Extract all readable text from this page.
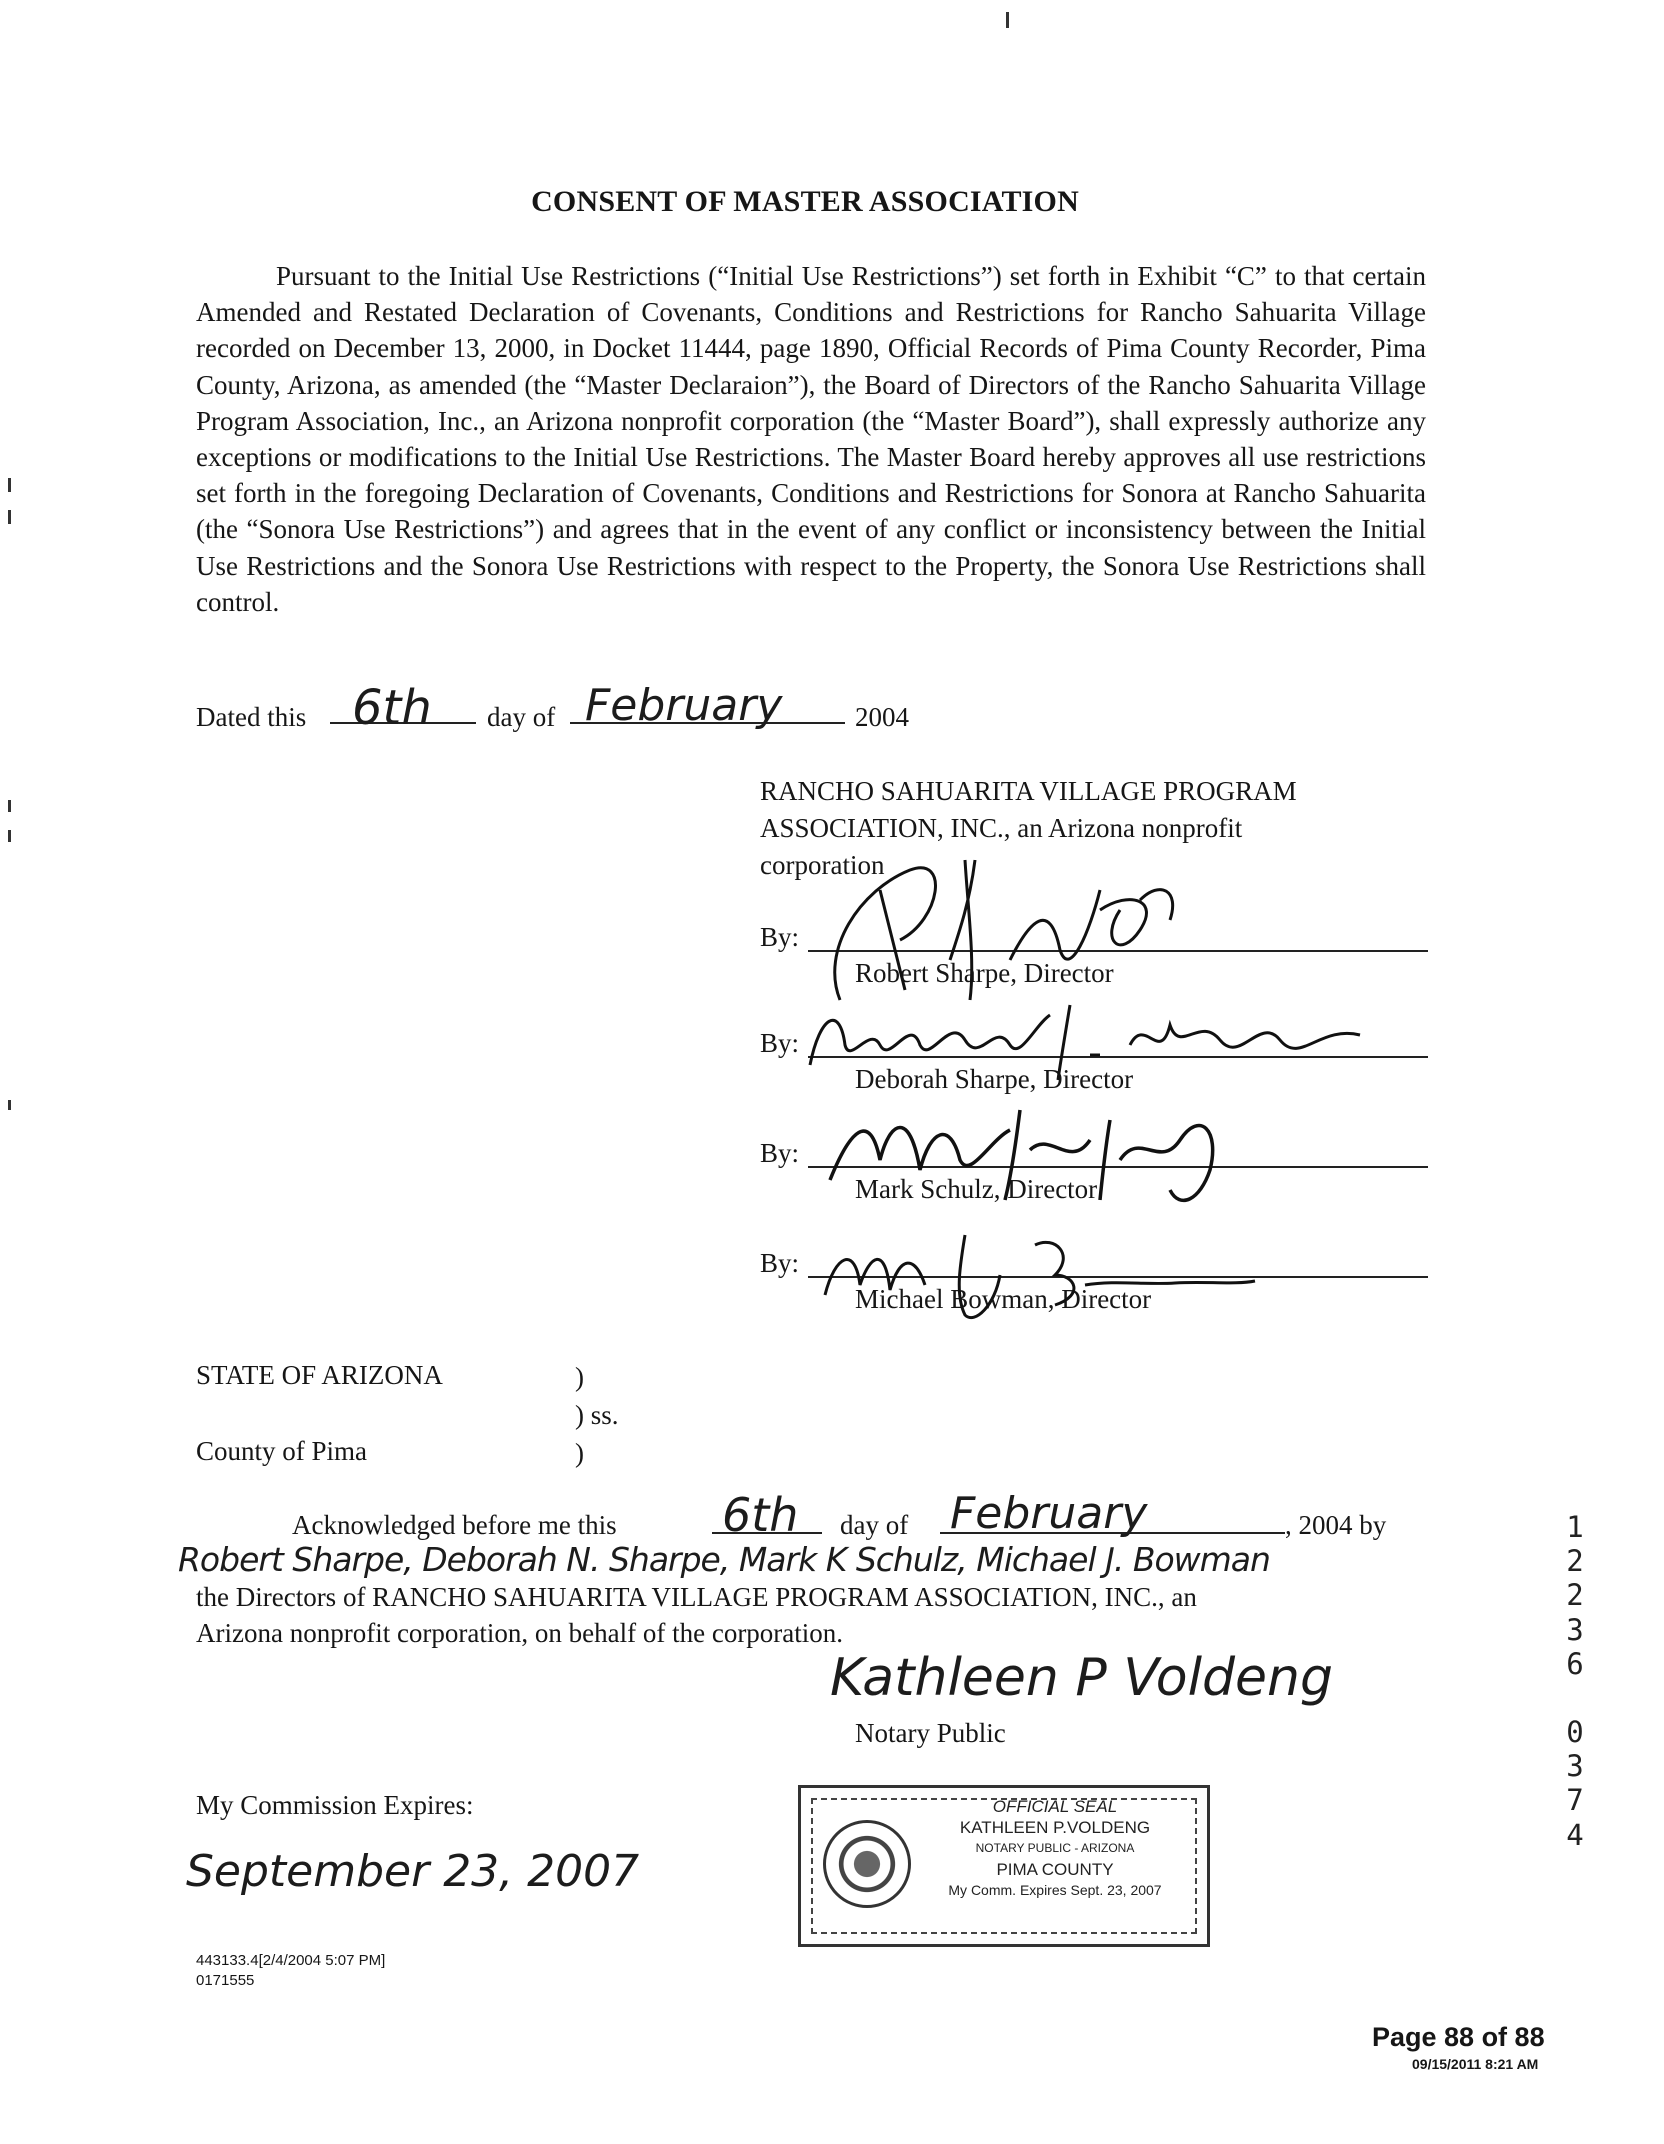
CONSENT OF MASTER ASSOCIATION

Pursuant to the Initial Use Restrictions (“Initial Use Restrictions”) set forth in Exhibit “C” to that certain Amended and Restated Declaration of Covenants, Conditions and Restrictions for Rancho Sahuarita Village recorded on December 13, 2000, in Docket 11444, page 1890, Official Records of Pima County Recorder, Pima County, Arizona, as amended (the “Master Declaraion”), the Board of Directors of the Rancho Sahuarita Village Program Association, Inc., an Arizona nonprofit corporation (the “Master Board”), shall expressly authorize any exceptions or modifications to the Initial Use Restrictions. The Master Board hereby approves all use restrictions set forth in the foregoing Declaration of Covenants, Conditions and Restrictions for Sonora at Rancho Sahuarita (the “Sonora Use Restrictions”) and agrees that in the event of any conflict or inconsistency between the Initial Use Restrictions and the Sonora Use Restrictions with respect to the Property, the Sonora Use Restrictions shall control.

Dated this 6th day of February	2004
RANCHO SAHUARITA VILLAGE PROGRAM
ASSOCIATION, INC., an Arizona nonprofit
corporation
By:
Robert Sharpe, Director
By:
Deborah Sharpe, Director
By:
Mark Schulz, Director
By:
Michael Bowman, Director
STATE OF ARIZONA	)
) ss.
County of Pima	)
Acknowledged before me this 6th day of February	, 2004 by
Robert Sharpe, Deborah N. Sharpe, Mark K Schulz, Michael J. Bowman
the Directors of RANCHO SAHUARITA VILLAGE PROGRAM ASSOCIATION, INC., an
Arizona nonprofit corporation, on behalf of the corporation.
Kathleen P Voldeng
Notary Public
My Commission Expires:
September 23, 2007
OFFICIAL SEAL
KATHLEEN P.VOLDENG
NOTARY PUBLIC - ARIZONA
PIMA COUNTY
My Comm. Expires Sept. 23, 2007
443133.4[2/4/2004 5:07 PM]
0171555
1
2
2
3
6
0
3
7
4
Page 88 of 88
09/15/2011 8:21 AM
